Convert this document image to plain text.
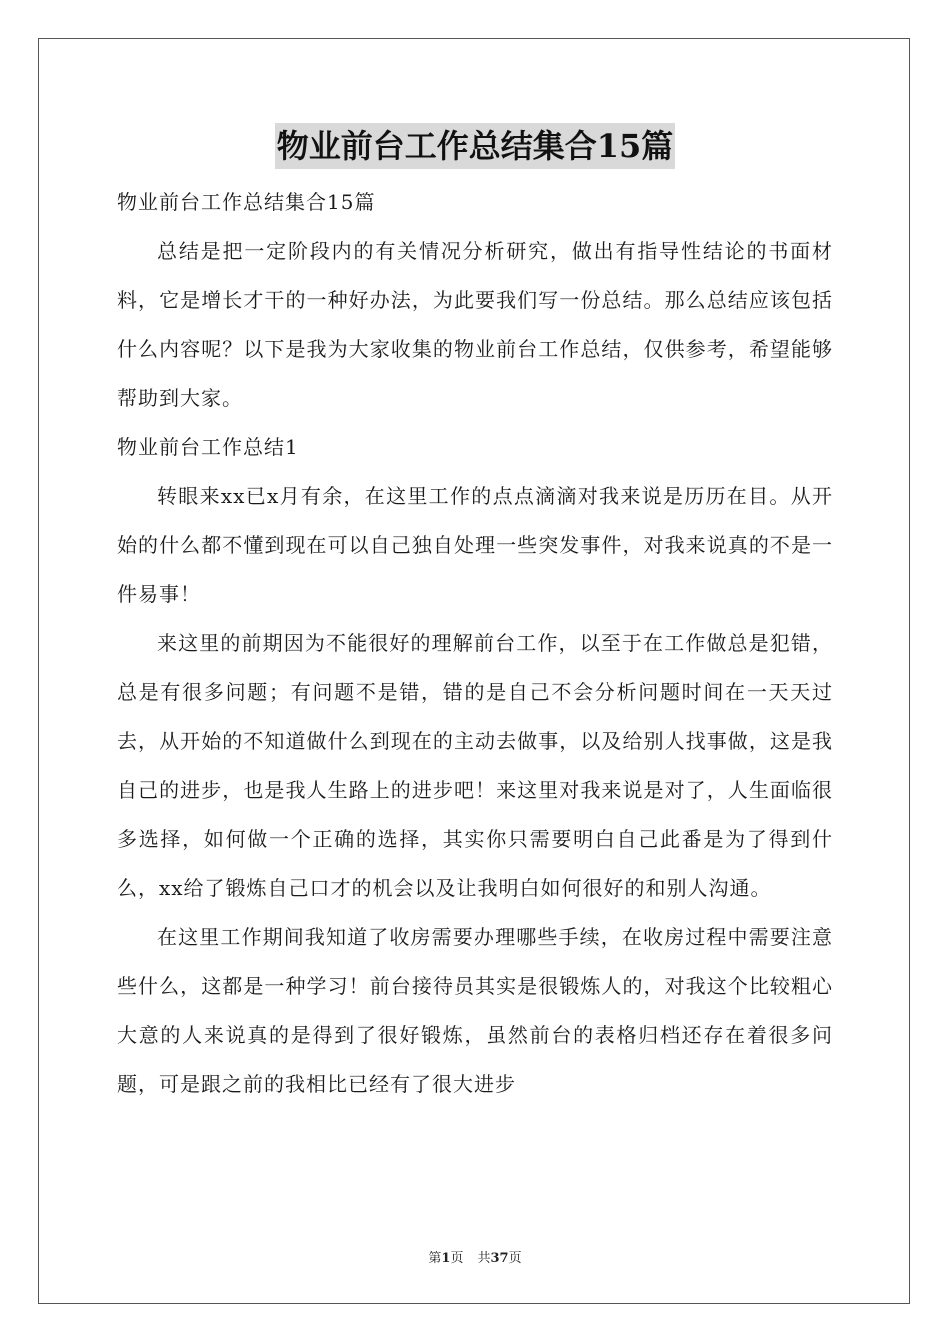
物业前台工作总结集合15篇

物业前台工作总结集合15篇

总结是把一定阶段内的有关情况分析研究，做出有指导性结论的书面材料，它是增长才干的一种好办法，为此要我们写一份总结。那么总结应该包括什么内容呢？以下是我为大家收集的物业前台工作总结，仅供参考，希望能够帮助到大家。

物业前台工作总结1

转眼来xx已x月有余，在这里工作的点点滴滴对我来说是历历在目。从开始的什么都不懂到现在可以自己独自处理一些突发事件，对我来说真的不是一件易事！

来这里的前期因为不能很好的理解前台工作，以至于在工作做总是犯错，总是有很多问题；有问题不是错，错的是自己不会分析问题时间在一天天过去，从开始的不知道做什么到现在的主动去做事，以及给别人找事做，这是我自己的进步，也是我人生路上的进步吧！来这里对我来说是对了，人生面临很多选择，如何做一个正确的选择，其实你只需要明白自己此番是为了得到什么，xx给了锻炼自己口才的机会以及让我明白如何很好的和别人沟通。

在这里工作期间我知道了收房需要办理哪些手续，在收房过程中需要注意些什么，这都是一种学习！前台接待员其实是很锻炼人的，对我这个比较粗心大意的人来说真的是得到了很好锻炼，虽然前台的表格归档还存在着很多问题，可是跟之前的我相比已经有了很大进步

第1页 共37页
